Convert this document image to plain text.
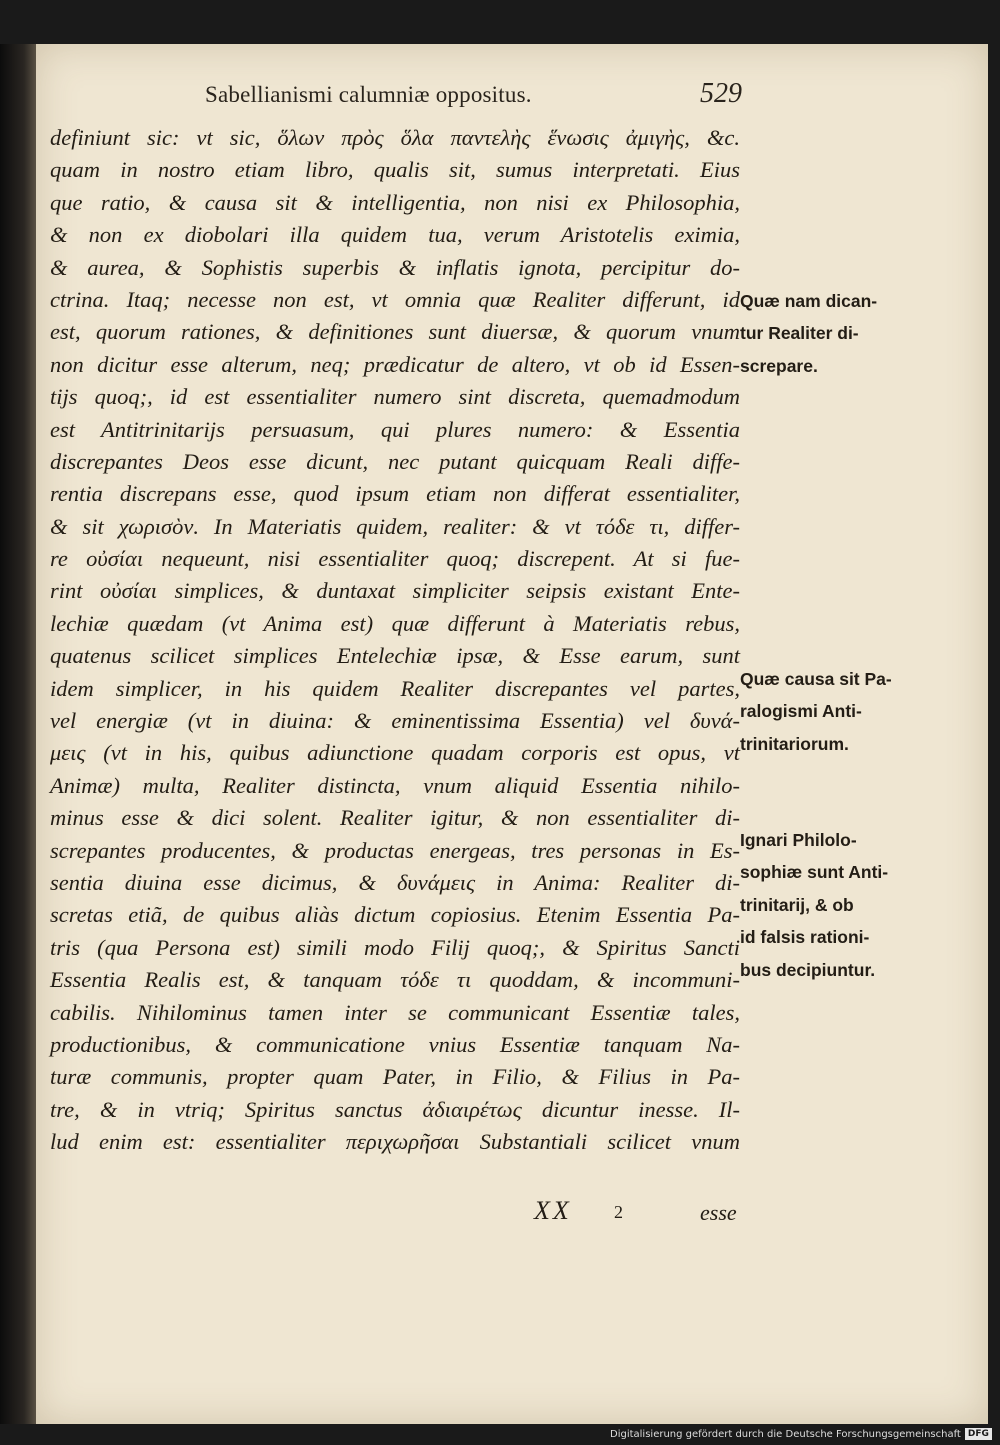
Sabellianismi calumniæ oppositus.	529
definiunt sic: vt sic, ὅλων πρὸς ὅλα παντελὴς ἕνωσις ἀμιγὴς, &c.
quam in nostro etiam libro, qualis sit, sumus interpretati. Eius
que ratio, & causa sit & intelligentia, non nisi ex Philosophia,
& non ex diobolari illa quidem tua, verum Aristotelis eximia,
& aurea, & Sophistis superbis & inflatis ignota, percipitur do-
ctrina. Itaq; necesse non est, vt omnia quæ Realiter differunt, id
est, quorum rationes, & definitiones sunt diuersæ, & quorum vnum
non dicitur esse alterum, neq; prædicatur de altero, vt ob id Essen-
tijs quoq;, id est essentialiter numero sint discreta, quemadmodum
est Antitrinitarijs persuasum, qui plures numero: & Essentia
discrepantes Deos esse dicunt, nec putant quicquam Reali diffe-
rentia discrepans esse, quod ipsum etiam non differat essentialiter,
& sit χωρισὸν. In Materiatis quidem, realiter: & vt τόδε τι, differ-
re οὐσίαι nequeunt, nisi essentialiter quoq; discrepent. At si fue-
rint οὐσίαι simplices, & duntaxat simpliciter seipsis existant Ente-
lechiæ quædam (vt Anima est) quæ differunt à Materiatis rebus,
quatenus scilicet simplices Entelechiæ ipsæ, & Esse earum, sunt
idem simplicer, in his quidem Realiter discrepantes vel partes,
vel energiæ (vt in diuina: & eminentissima Essentia) vel δυνά-
μεις (vt in his, quibus adiunctione quadam corporis est opus, vt
Animæ) multa, Realiter distincta, vnum aliquid Essentia nihilo-
minus esse & dici solent. Realiter igitur, & non essentialiter di-
screpantes producentes, & productas energeas, tres personas in Es-
sentia diuina esse dicimus, & δυνάμεις in Anima: Realiter di-
scretas etiã, de quibus aliàs dictum copiosius. Etenim Essentia Pa-
tris (qua Persona est) simili modo Filij quoq;, & Spiritus Sancti
Essentia Realis est, & tanquam τόδε τι quoddam, & incommuni-
cabilis. Nihilominus tamen inter se communicant Essentiæ tales,
productionibus, & communicatione vnius Essentiæ tanquam Na-
turæ communis, propter quam Pater, in Filio, & Filius in Pa-
tre, & in vtriq; Spiritus sanctus ἀδιαιρέτως dicuntur inesse. Il-
lud enim est: essentialiter περιχωρῆσαι Substantiali scilicet vnum
Quæ nam dican-
tur Realiter di-
screpare.
Quæ causa sit Pa-
ralogismi Anti-
trinitariorum.
Ignari Philolo-
sophiæ sunt Anti-
trinitarij, & ob
id falsis rationi-
bus decipiuntur.
XX 2	esse
Digitalisierung gefördert durch die Deutsche Forschungsgemeinschaft DFG
